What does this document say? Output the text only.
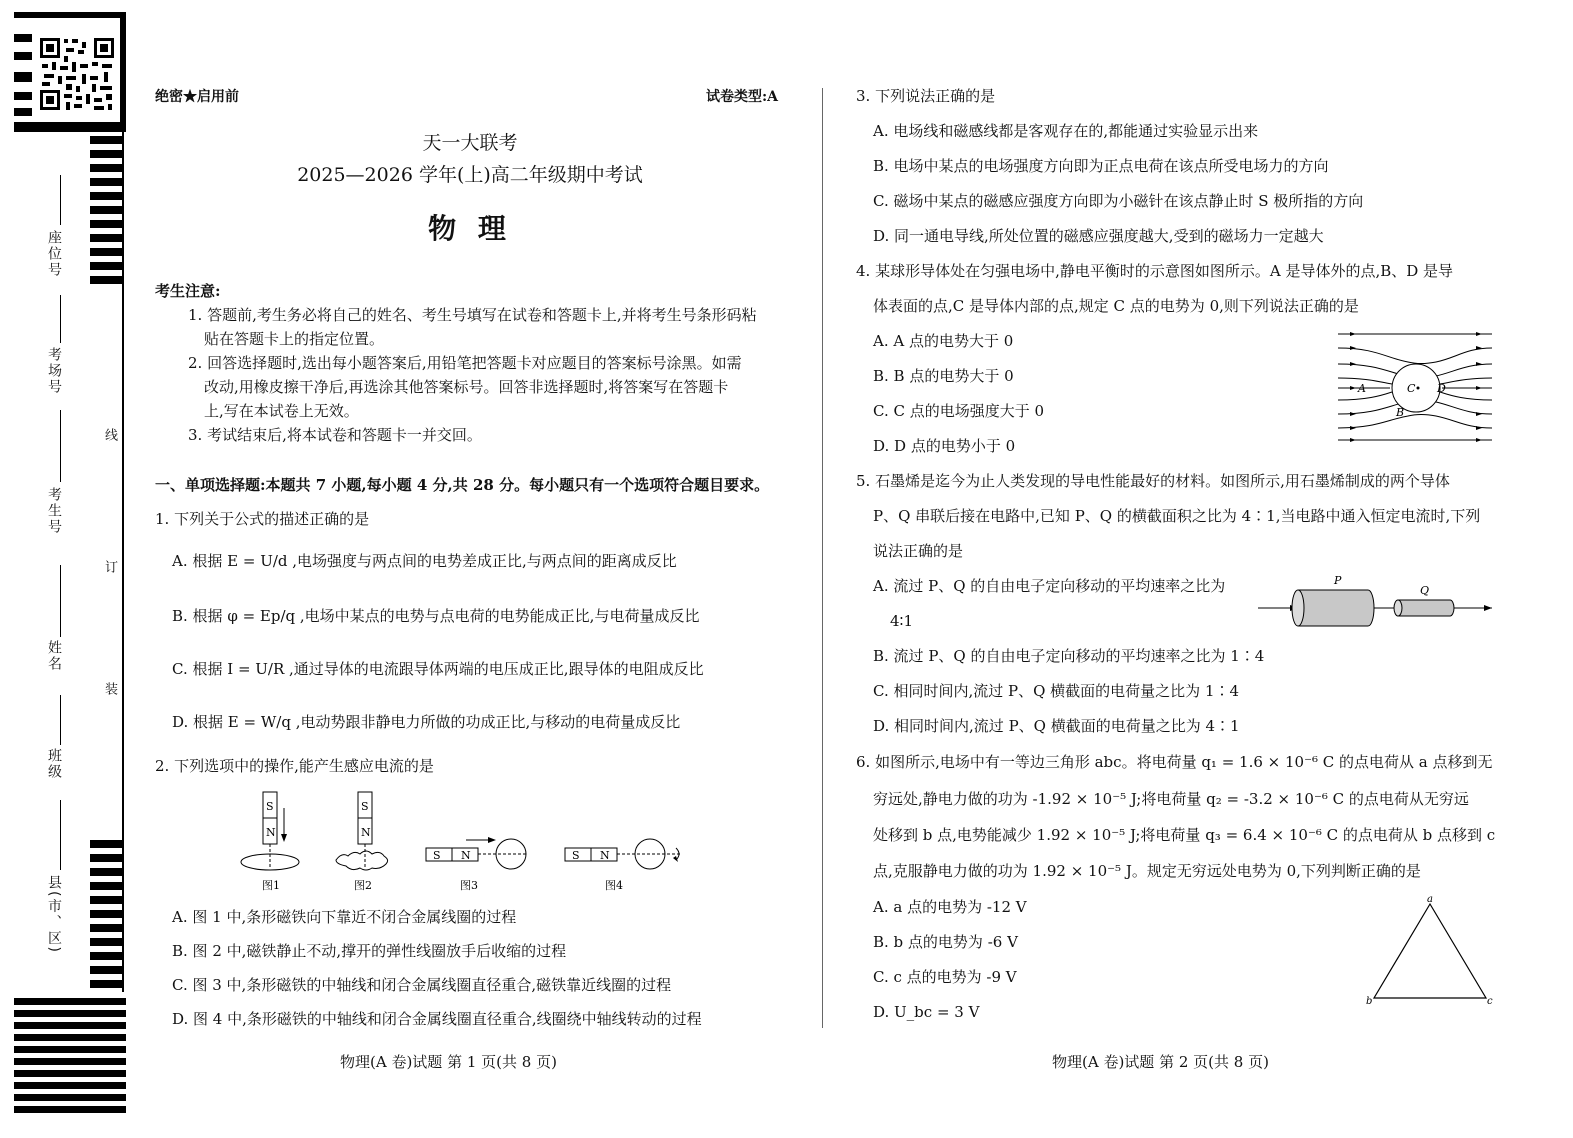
座位号
考场号
考生号
姓名
班级
县(市、区)
线
订
装
绝密★启用前	试卷类型:A
天一大联考
2025—2026 学年(上)高二年级期中考试
物 理
考生注意:
1. 答题前,考生务必将自己的姓名、考生号填写在试卷和答题卡上,并将考生号条形码粘
贴在答题卡上的指定位置。
2. 回答选择题时,选出每小题答案后,用铅笔把答题卡对应题目的答案标号涂黑。如需
改动,用橡皮擦干净后,再选涂其他答案标号。回答非选择题时,将答案写在答题卡
上,写在本试卷上无效。
3. 考试结束后,将本试卷和答题卡一并交回。
一、单项选择题:本题共 7 小题,每小题 4 分,共 28 分。每小题只有一个选项符合题目要求。
1. 下列关于公式的描述正确的是
A. 根据 E = U/d ,电场强度与两点间的电势差成正比,与两点间的距离成反比
B. 根据 φ = Ep/q ,电场中某点的电势与点电荷的电势能成正比,与电荷量成反比
C. 根据 I = U/R ,通过导体的电流跟导体两端的电压成正比,跟导体的电阻成反比
D. 根据 E = W/q ,电动势跟非静电力所做的功成正比,与移动的电荷量成反比
2. 下列选项中的操作,能产生感应电流的是
S
N
图1
S
N
图2
S N
图3
S N
图4
A. 图 1 中,条形磁铁向下靠近不闭合金属线圈的过程
B. 图 2 中,磁铁静止不动,撑开的弹性线圈放手后收缩的过程
C. 图 3 中,条形磁铁的中轴线和闭合金属线圈直径重合,磁铁靠近线圈的过程
D. 图 4 中,条形磁铁的中轴线和闭合金属线圈直径重合,线圈绕中轴线转动的过程
物理(A 卷)试题 第 1 页(共 8 页)
3. 下列说法正确的是
A. 电场线和磁感线都是客观存在的,都能通过实验显示出来
B. 电场中某点的电场强度方向即为正点电荷在该点所受电场力的方向
C. 磁场中某点的磁感应强度方向即为小磁针在该点静止时 S 极所指的方向
D. 同一通电导线,所处位置的磁感应强度越大,受到的磁场力一定越大
4. 某球形导体处在匀强电场中,静电平衡时的示意图如图所示。A 是导体外的点,B、D 是导
体表面的点,C 是导体内部的点,规定 C 点的电势为 0,则下列说法正确的是
A. A 点的电势大于 0
B. B 点的电势大于 0
C. C 点的电场强度大于 0
D. D 点的电势小于 0
A
B
C D
5. 石墨烯是迄今为止人类发现的导电性能最好的材料。如图所示,用石墨烯制成的两个导体
P、Q 串联后接在电路中,已知 P、Q 的横截面积之比为 4∶1,当电路中通入恒定电流时,下列
说法正确的是
A. 流过 P、Q 的自由电子定向移动的平均速率之比为
4∶1
B. 流过 P、Q 的自由电子定向移动的平均速率之比为 1∶4
C. 相同时间内,流过 P、Q 横截面的电荷量之比为 1∶4
D. 相同时间内,流过 P、Q 横截面的电荷量之比为 4∶1
P
Q
6. 如图所示,电场中有一等边三角形 abc。将电荷量 q₁ = 1.6 × 10⁻⁶ C 的点电荷从 a 点移到无
穷远处,静电力做的功为 -1.92 × 10⁻⁵ J;将电荷量 q₂ = -3.2 × 10⁻⁶ C 的点电荷从无穷远
处移到 b 点,电势能减少 1.92 × 10⁻⁵ J;将电荷量 q₃ = 6.4 × 10⁻⁶ C 的点电荷从 b 点移到 c
点,克服静电力做的功为 1.92 × 10⁻⁵ J。规定无穷远处电势为 0,下列判断正确的是
A. a 点的电势为 -12 V
B. b 点的电势为 -6 V
C. c 点的电势为 -9 V
D. U_bc = 3 V
a
b	c
物理(A 卷)试题 第 2 页(共 8 页)
